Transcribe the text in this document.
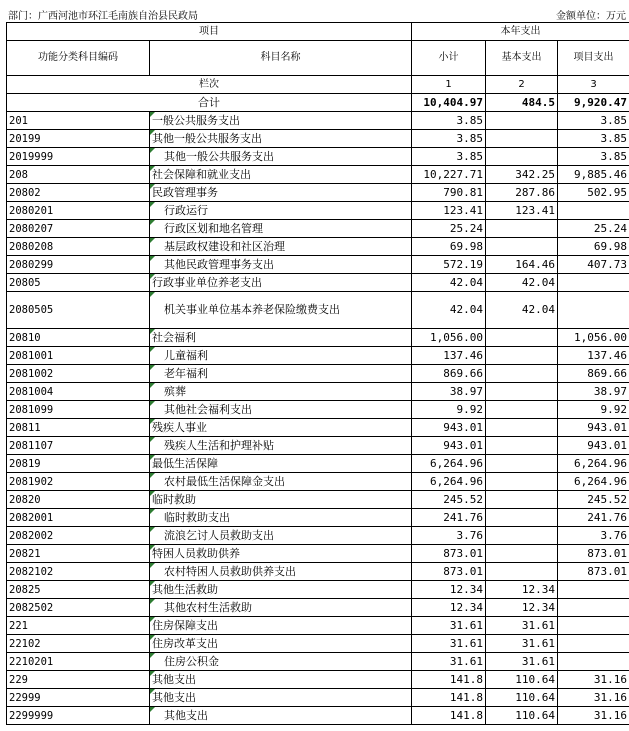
部门：广西河池市环江毛南族自治县民政局	金额单位：万元
项目		本年支出		
功能分类科目编码	科目名称	小计	基本支出	项目支出
栏次		1	2	3
合计		10,404.97	484.5	9,920.47
201	一般公共服务支出	3.85		3.85
20199	其他一般公共服务支出	3.85		3.85
2019999	其他一般公共服务支出	3.85		3.85
208	社会保障和就业支出	10,227.71	342.25	9,885.46
20802	民政管理事务	790.81	287.86	502.95
2080201	行政运行	123.41	123.41	
2080207	行政区划和地名管理	25.24		25.24
2080208	基层政权建设和社区治理	69.98		69.98
2080299	其他民政管理事务支出	572.19	164.46	407.73
20805	行政事业单位养老支出	42.04	42.04	
2080505	机关事业单位基本养老保险缴费支出	42.04	42.04	
20810	社会福利	1,056.00		1,056.00
2081001	儿童福利	137.46		137.46
2081002	老年福利	869.66		869.66
2081004	殡葬	38.97		38.97
2081099	其他社会福利支出	9.92		9.92
20811	残疾人事业	943.01		943.01
2081107	残疾人生活和护理补贴	943.01		943.01
20819	最低生活保障	6,264.96		6,264.96
2081902	农村最低生活保障金支出	6,264.96		6,264.96
20820	临时救助	245.52		245.52
2082001	临时救助支出	241.76		241.76
2082002	流浪乞讨人员救助支出	3.76		3.76
20821	特困人员救助供养	873.01		873.01
2082102	农村特困人员救助供养支出	873.01		873.01
20825	其他生活救助	12.34	12.34	
2082502	其他农村生活救助	12.34	12.34	
221	住房保障支出	31.61	31.61	
22102	住房改革支出	31.61	31.61	
2210201	住房公积金	31.61	31.61	
229	其他支出	141.8	110.64	31.16
22999	其他支出	141.8	110.64	31.16
2299999	其他支出	141.8	110.64	31.16
